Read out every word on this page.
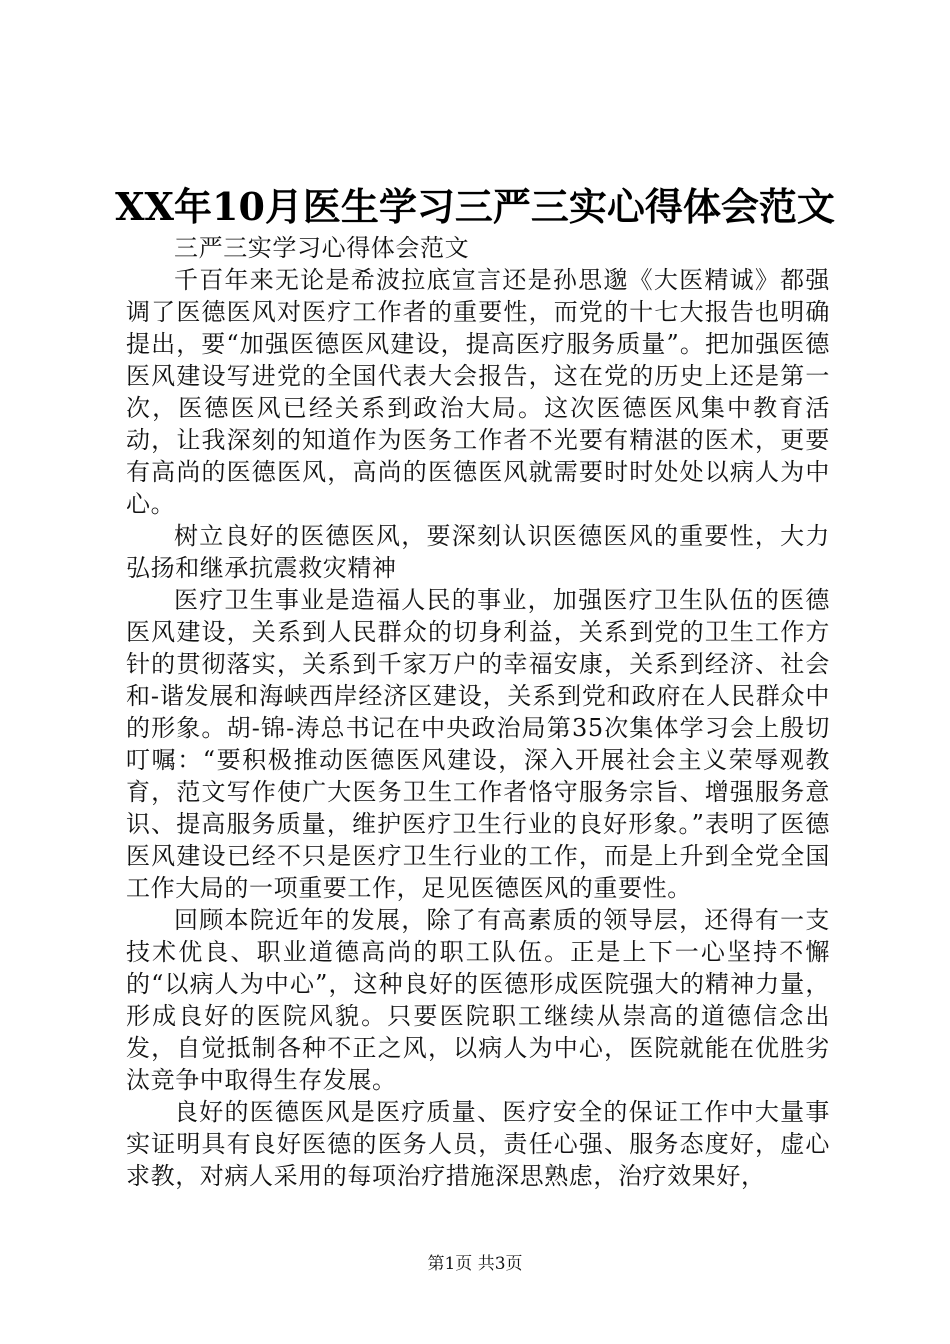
XX年10月医生学习三严三实心得体会范文

三严三实学习心得体会范文

千百年来无论是希波拉底宣言还是孙思邈《大医精诚》都强调了医德医风对医疗工作者的重要性，而党的十七大报告也明确提出，要“加强医德医风建设，提高医疗服务质量”。把加强医德医风建设写进党的全国代表大会报告，这在党的历史上还是第一次，医德医风已经关系到政治大局。这次医德医风集中教育活动，让我深刻的知道作为医务工作者不光要有精湛的医术，更要有高尚的医德医风，高尚的医德医风就需要时时处处以病人为中心。

树立良好的医德医风，要深刻认识医德医风的重要性，大力弘扬和继承抗震救灾精神

医疗卫生事业是造福人民的事业，加强医疗卫生队伍的医德医风建设，关系到人民群众的切身利益，关系到党的卫生工作方针的贯彻落实，关系到千家万户的幸福安康，关系到经济、社会和-谐发展和海峡西岸经济区建设，关系到党和政府在人民群众中的形象。胡-锦-涛总书记在中央政治局第35次集体学习会上殷切叮嘱：“要积极推动医德医风建设，深入开展社会主义荣辱观教育，范文写作使广大医务卫生工作者恪守服务宗旨、增强服务意识、提高服务质量，维护医疗卫生行业的良好形象。”表明了医德医风建设已经不只是医疗卫生行业的工作，而是上升到全党全国工作大局的一项重要工作，足见医德医风的重要性。

回顾本院近年的发展，除了有高素质的领导层，还得有一支技术优良、职业道德高尚的职工队伍。正是上下一心坚持不懈的“以病人为中心”，这种良好的医德形成医院强大的精神力量，形成良好的医院风貌。只要医院职工继续从崇高的道德信念出发，自觉抵制各种不正之风，以病人为中心，医院就能在优胜劣汰竞争中取得生存发展。

良好的医德医风是医疗质量、医疗安全的保证工作中大量事实证明具有良好医德的医务人员，责任心强、服务态度好，虚心求教，对病人采用的每项治疗措施深思熟虑，治疗效果好，

第1页 共3页
